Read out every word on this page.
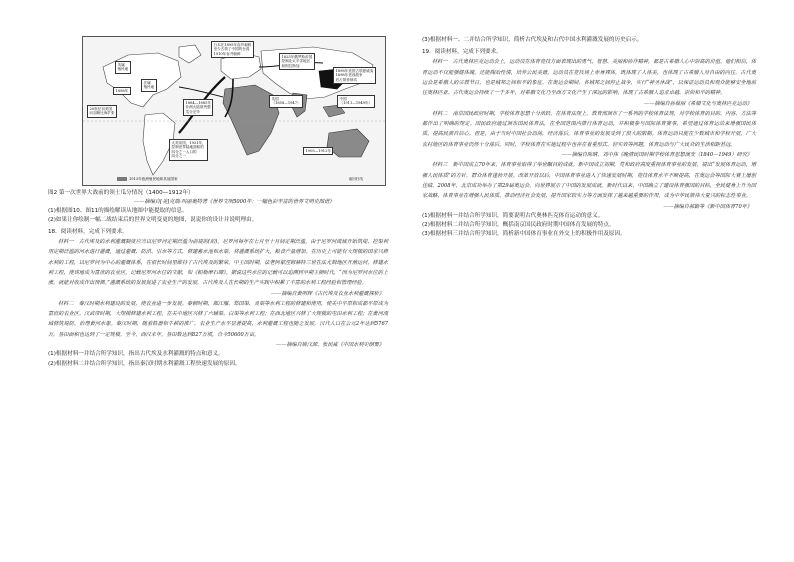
日本在1895年吞并朝鲜
至少占领了中国的台湾
1910年吞并朝鲜
1898年美国占领夏威夷
1898年美西战争
后占领菲律宾
1825年俄罗斯帝国
控制北太平洋地区
和阿拉斯加
1884—1885年
非洲大陆被列强
瓜分完毕
20世纪初美国
向加勒比海扩张
大英帝国，1921年，
控制世界陆地面积的
四分之一人口的
四分之一
英国
（1858—1947）
中国
（1911—1949年）
1905—1912年
英属
殖民地
法属
殖民地
1898年
1913年欧洲殖民地和其他国家	南回归线
图2 第一次世界大战前的领土瓜分情况（1400—1912年）
——摘编自[美]克瑞·玛丽奥特著《世界文明5000年：一幅色彩丰富的世界文明史图谱》
(1)根据图10、图11的描绘解读从地图中能提取的信息。
(2)如果让你绘制一幅二战结束后的世界文明变更的地图，说说你的设计并说明理由。
18．阅读材料，完成下列要求。
材料一　古代埃及的水利灌溉制度应当以尼罗河定期泛滥为前提的(的)，尼罗河每年在七月至十月间定期泛滥，由于尼罗河流域开始筑堤、挖渠利用定期泛滥的河水进行灌溉，通过灌溉、防洪、引水等方式，修建蓄水池和水渠，将灌溉系统扩大，粮食产量增加。在历史上可能有大规模的国家兴修水利的工程，以尼罗河为中心的灌溉体系，在很长时间里维持了古代埃及的繁荣。中王国时期，法老阿蒙涅姆赫特三世在法尤姆地区开凿运河，修建水利工程，使该地成为富庶的农业区。记载尼罗河水位的文献，如《帕勒摩石碑》。据说这些水位的记载可以追溯到早期王朝时代，“因为尼罗河水位的上涨，就能对收成作出预测。”灌溉系统的发展促进了农业生产的发展，古代埃及人在长期的生产实践中积累了丰富的水利工程经验和管理经验。
——摘编自黄明辉《古代埃及农业水利灌溉探析》
材料二　秦汉时期水利建设的发展，使农业进一步发展。秦朝时期，都江堰、郑国渠、灵渠等水利工程的修建和使用，使关中平原和成都平原成为富庶的农业区。汉武帝时期，大规模修建水利工程，在关中地区兴修了六辅渠、白渠等水利工程；在西北地区兴修了大规模的屯田水利工程；在黄河流域修筑堤防，治理黄河水患。秦汉时期，随着铁器和牛耕的推广，农业生产水平显著提高，水利灌溉工程也随之发展，汉代人口在公元2年达到5767万，垦田面积也达到了一定规模。至今，西汉末年，垦田数达到827万顷，合今50600万亩。
——摘编自姚汉源、张民威《中国水利史纲要》
(1)根据材料一并结合所学知识，指出古代埃及水利灌溉的特点和意义。
(2)根据材料二并结合所学知识，指出秦汉时期水利灌溉工程快速发展的原因。
(3)根据材料一、二并结合所学知识，简析古代埃及和古代中国水利灌溉发展的历史启示。
19．阅读材料，完成下列要求。
材料一　古代奥林匹克运动会上，运动员在体育竞技方面表现出的勇气、智慧、美丽和协作精神，都是古希腊人心中崇高的价值。他们相信，体育运动不仅能强健体魄，还能陶冶性情，培养公民美德。运动员在竞技场上赤身裸体，既体现了人体美，也体现了古希腊人对自由的向往。古代奥运会是希腊人的宗教节日，也是城邦之间和平的象征。在奥运会期间，各城邦之间停止战争，实行“神圣休战”，以保证运动员和观众能够安全地前往奥林匹亚。古代奥运会持续了一千多年，对希腊文化乃至西方文化产生了深远的影响，体现了古希腊人追求卓越、崇尚和平的精神。
——摘编自孙葆丽《希腊文化与奥林匹克运动》
材料二　南京国民政府时期，学校体育思想十分活跃，在体育法规上，教育部颁布了一系列的学校体育法规，对学校体育的目的、内容、方法等都作出了明确的规定。国民政府通过颁布国民体育法，在全国范围内推行体育运动，并积极参与国际体育赛事，希望通过体育运动来增强国民体质，提高民族自信心。但是，由于当时中国社会动荡，经济落后，体育事业的发展受到了很大的限制。体育运动只能在少数城市和学校开展，广大农村地区的体育事业仍然十分落后。同时，学校体育在实施过程中也存在着重形式、轻实效等问题，体育运动与广大民众的生活相距甚远。
——摘编自陈晴、刘中伟《晚清民国时期学校体育思想演变（1840—1949）研究》
材料三　新中国成立70年来，体育事业取得了举世瞩目的成就。新中国成立初期，党和政府高度重视体育事业的发展，提出“发展体育运动，增强人民体质”的方针，群众体育蓬勃开展。改革开放以后，中国体育事业进入了快速发展时期，竞技体育水平不断提高，在奥运会等国际大赛上屡创佳绩。2008年，北京成功举办了第29届奥运会，向世界展示了中国的发展成就。新时代以来，中国确立了建设体育强国的目标，全民健身上升为国家战略，体育事业在增强人民体质、推动经济社会发展、提升国家软实力等方面发挥了越来越重要的作用，成为中华民族伟大复兴的标志性事业。
——摘编自郝勤等《新中国体育70年》
(1)根据材料一并结合所学知识，简要说明古代奥林匹克体育运动的意义。
(2)根据材料二并结合所学知识，概括南京国民政府时期中国体育发展的特点。
(3)根据材料三并结合所学知识，简析新中国体育事业在外交上的积极作用及原因。
